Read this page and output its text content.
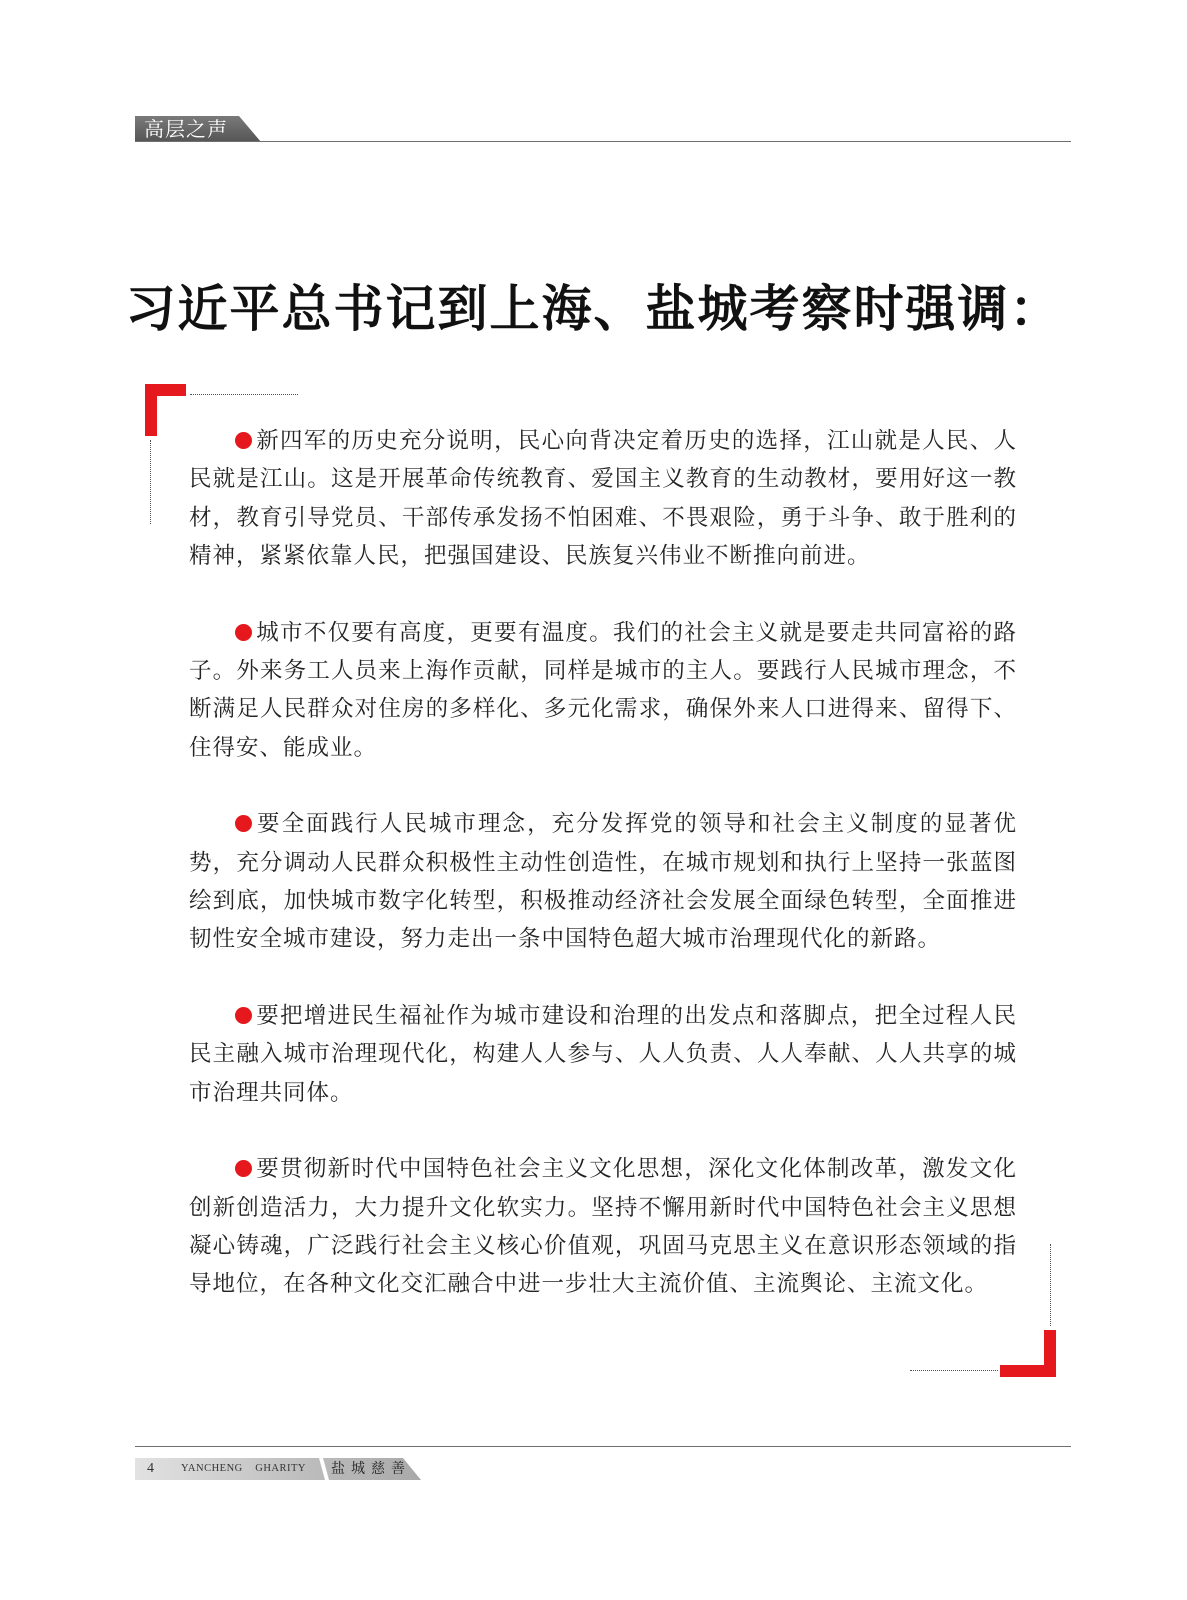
高层之声
习近平总书记到上海、盐城考察时强调：

新四军的历史充分说明，民心向背决定着历史的选择，江山就是人民、人民就是江山。这是开展革命传统教育、爱国主义教育的生动教材，要用好这一教材，教育引导党员、干部传承发扬不怕困难、不畏艰险，勇于斗争、敢于胜利的精神，紧紧依靠人民，把强国建设、民族复兴伟业不断推向前进。

城市不仅要有高度，更要有温度。我们的社会主义就是要走共同富裕的路子。外来务工人员来上海作贡献，同样是城市的主人。要践行人民城市理念，不断满足人民群众对住房的多样化、多元化需求，确保外来人口进得来、留得下、住得安、能成业。

要全面践行人民城市理念，充分发挥党的领导和社会主义制度的显著优势，充分调动人民群众积极性主动性创造性，在城市规划和执行上坚持一张蓝图绘到底，加快城市数字化转型，积极推动经济社会发展全面绿色转型，全面推进韧性安全城市建设，努力走出一条中国特色超大城市治理现代化的新路。

要把增进民生福祉作为城市建设和治理的出发点和落脚点，把全过程人民民主融入城市治理现代化，构建人人参与、人人负责、人人奉献、人人共享的城市治理共同体。

要贯彻新时代中国特色社会主义文化思想，深化文化体制改革，激发文化创新创造活力，大力提升文化软实力。坚持不懈用新时代中国特色社会主义思想凝心铸魂，广泛践行社会主义核心价值观，巩固马克思主义在意识形态领域的指导地位，在各种文化交汇融合中进一步壮大主流价值、主流舆论、主流文化。

4	YANCHENG    GHARITY 盐城慈善
